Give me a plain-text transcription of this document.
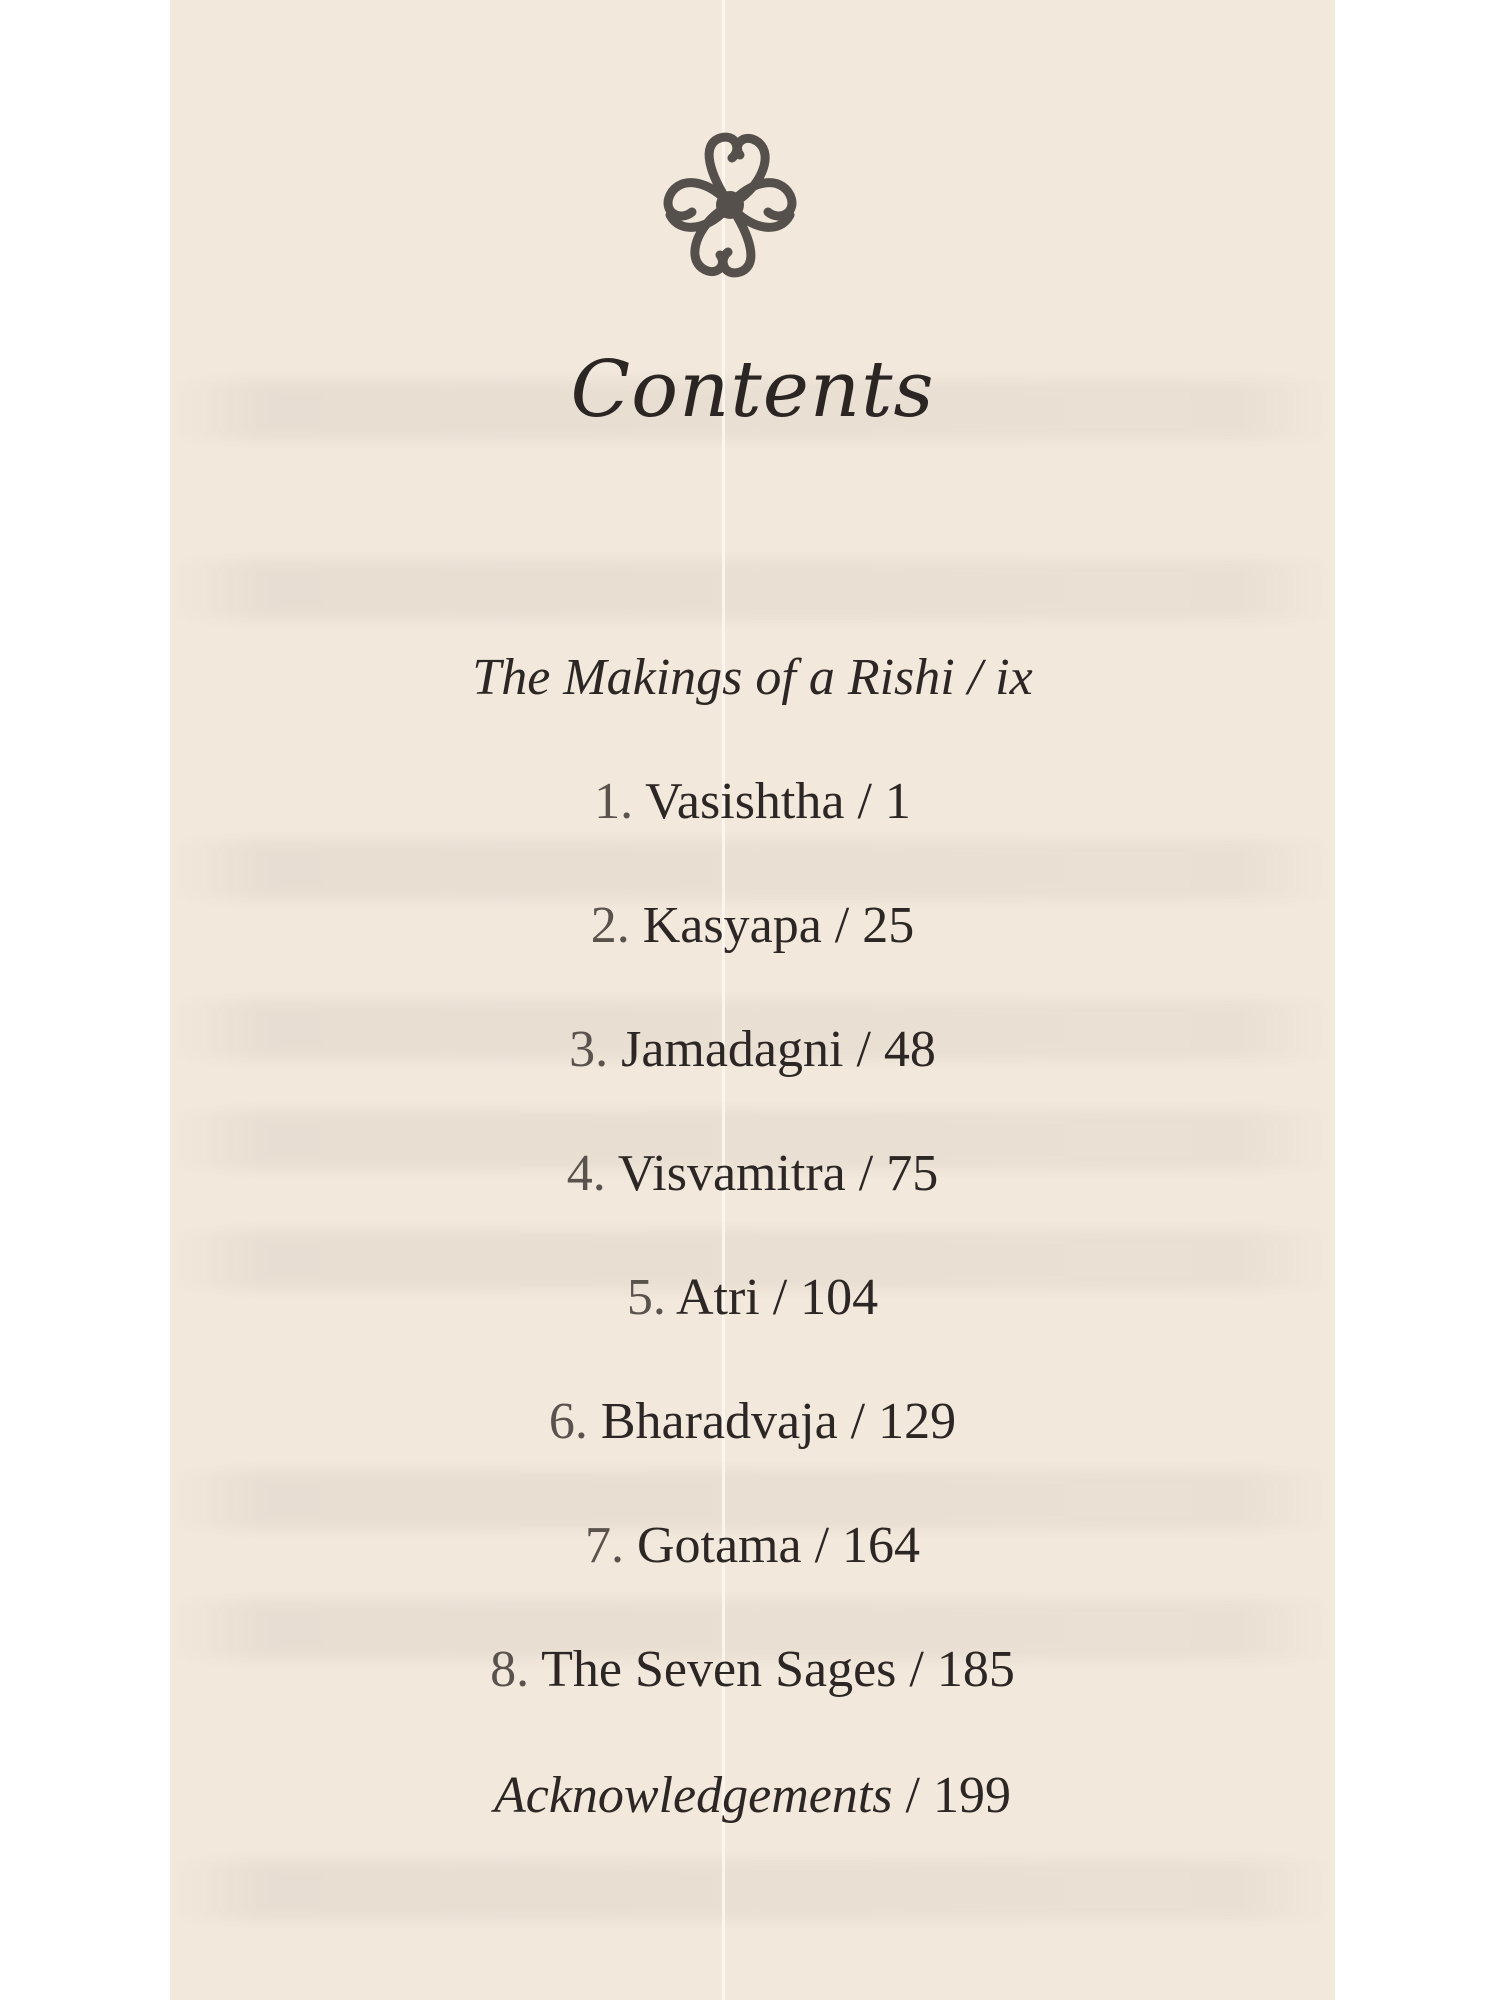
Contents
The Makings of a Rishi / ix
1. Vasishtha / 1
2. Kasyapa / 25
3. Jamadagni / 48
4. Visvamitra / 75
5. Atri / 104
6. Bharadvaja / 129
7. Gotama / 164
8. The Seven Sages / 185
Acknowledgements / 199
